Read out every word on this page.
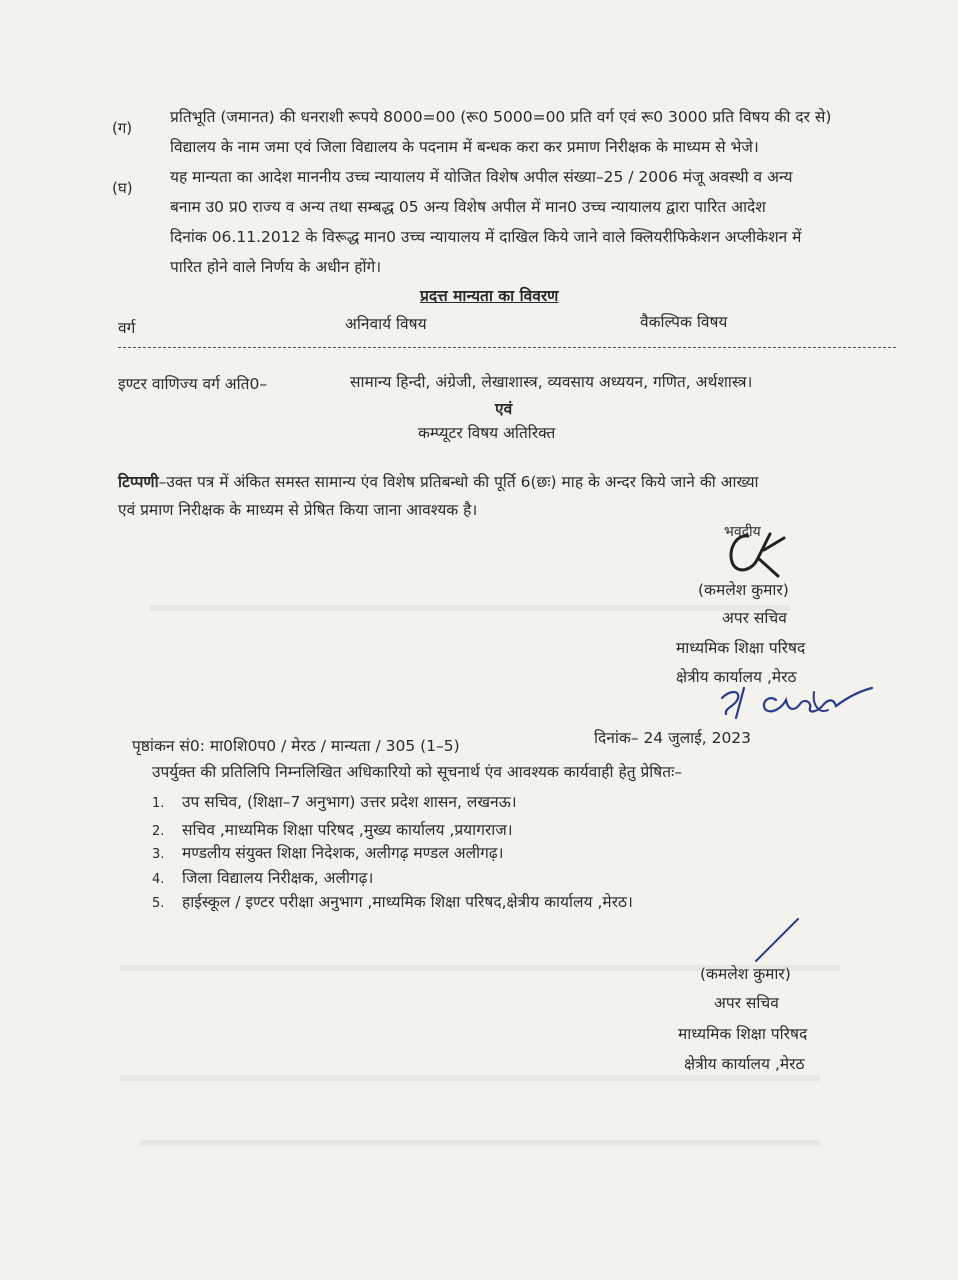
(ग)
प्रतिभूति (जमानत) की धनराशी रूपये 8000=00 (रू0 5000=00 प्रति वर्ग एवं रू0 3000 प्रति विषय की दर से)
विद्यालय के नाम जमा एवं जिला विद्यालय के पदनाम में बन्धक करा कर प्रमाण निरीक्षक के माध्यम से भेजे।
(घ)
यह मान्यता का आदेश माननीय उच्च न्यायालय में योजित विशेष अपील संख्या–25 / 2006 मंजू अवस्थी व अन्य
बनाम उ0 प्र0 राज्य व अन्य तथा सम्बद्ध 05 अन्य विशेष अपील में मान0 उच्च न्यायालय द्वारा पारित आदेश
दिनांक 06.11.2012 के विरूद्ध मान0 उच्च न्यायालय में दाखिल किये जाने वाले क्लियरीफिकेशन अप्लीकेशन में
पारित होने वाले निर्णय के अधीन होंगे।
प्रदत्त मान्यता का विवरण
वर्ग	अनिवार्य विषय	वैकल्पिक विषय
इण्टर वाणिज्य वर्ग अति0–	सामान्य हिन्दी, अंग्रेजी, लेखाशास्त्र, व्यवसाय अध्ययन, गणित, अर्थशास्त्र।
एवं
कम्प्यूटर विषय अतिरिक्त
टिप्पणी–उक्त पत्र में अंकित समस्त सामान्य एंव विशेष प्रतिबन्धो की पूर्ति 6(छः) माह के अन्दर किये जाने की आख्या
एवं प्रमाण निरीक्षक के माध्यम से प्रेषित किया जाना आवश्यक है।
भवदीय
(कमलेश कुमार)
अपर सचिव
माध्यमिक शिक्षा परिषद
क्षेत्रीय कार्यालय ,मेरठ
पृष्ठांकन सं0: मा0शि0प0 / मेरठ / मान्यता / 305 (1–5)	दिनांक– 24 जुलाई, 2023
उपर्युक्त की प्रतिलिपि निम्नलिखित अधिकारियो को सूचनार्थ एंव आवश्यक कार्यवाही हेतु प्रेषितः–
1. उप सचिव, (शिक्षा–7 अनुभाग) उत्तर प्रदेश शासन, लखनऊ।
2. सचिव ,माध्यमिक शिक्षा परिषद ,मुख्य कार्यालय ,प्रयागराज।
3. मण्डलीय संयुक्त शिक्षा निदेशक, अलीगढ़ मण्डल अलीगढ़।
4. जिला विद्यालय निरीक्षक, अलीगढ़।
5. हाईस्कूल / इण्टर परीक्षा अनुभाग ,माध्यमिक शिक्षा परिषद,क्षेत्रीय कार्यालय ,मेरठ।
(कमलेश कुमार)
अपर सचिव
माध्यमिक शिक्षा परिषद
क्षेत्रीय कार्यालय ,मेरठ
